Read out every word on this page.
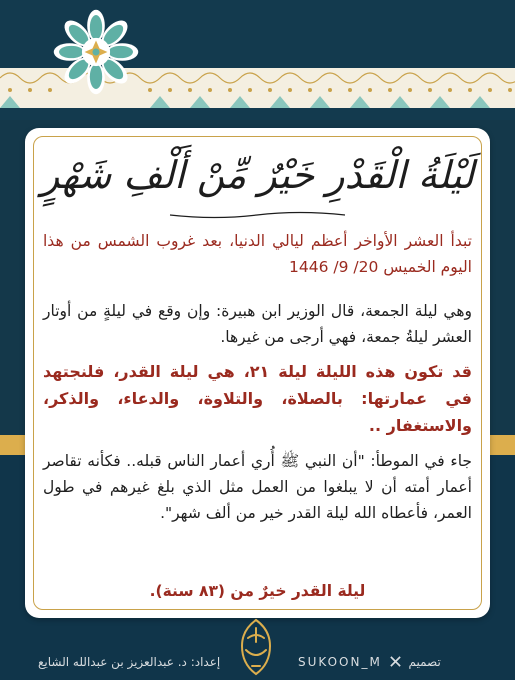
لَيْلَةُ الْقَدْرِ خَيْرٌ مِّنْ أَلْفِ شَهْرٍ
تبدأ العشر الأواخر أعظم ليالي الدنيا، بعد غروب الشمس من هذا اليوم الخميس 20/ 9/ 1446
وهي ليلة الجمعة، قال الوزير ابن هبيرة: وإن وقع في ليلةٍ من أوتار العشر ليلةُ جمعة، فهي أرجى من غيرها.
قد تكون هذه الليلة ليلة ٢١، هي ليلة القدر، فلنجتهد في عمارتها: بالصلاة، والتلاوة، والدعاء، والذكر، والاستغفار ..
جاء في الموطأ: "أن النبي ﷺ أُري أعمار الناس قبله.. فكأنه تقاصر أعمار أمته أن لا يبلغوا من العمل مثل الذي بلغ غيرهم في طول العمر، فأعطاه الله ليلة القدر خير من ألف شهر".
ليلة القدر خيرٌ من (٨٣ سنة).
إعداد: د. عبدالعزيز بن عبدالله الشايع	تصميم  SUKOON_M
